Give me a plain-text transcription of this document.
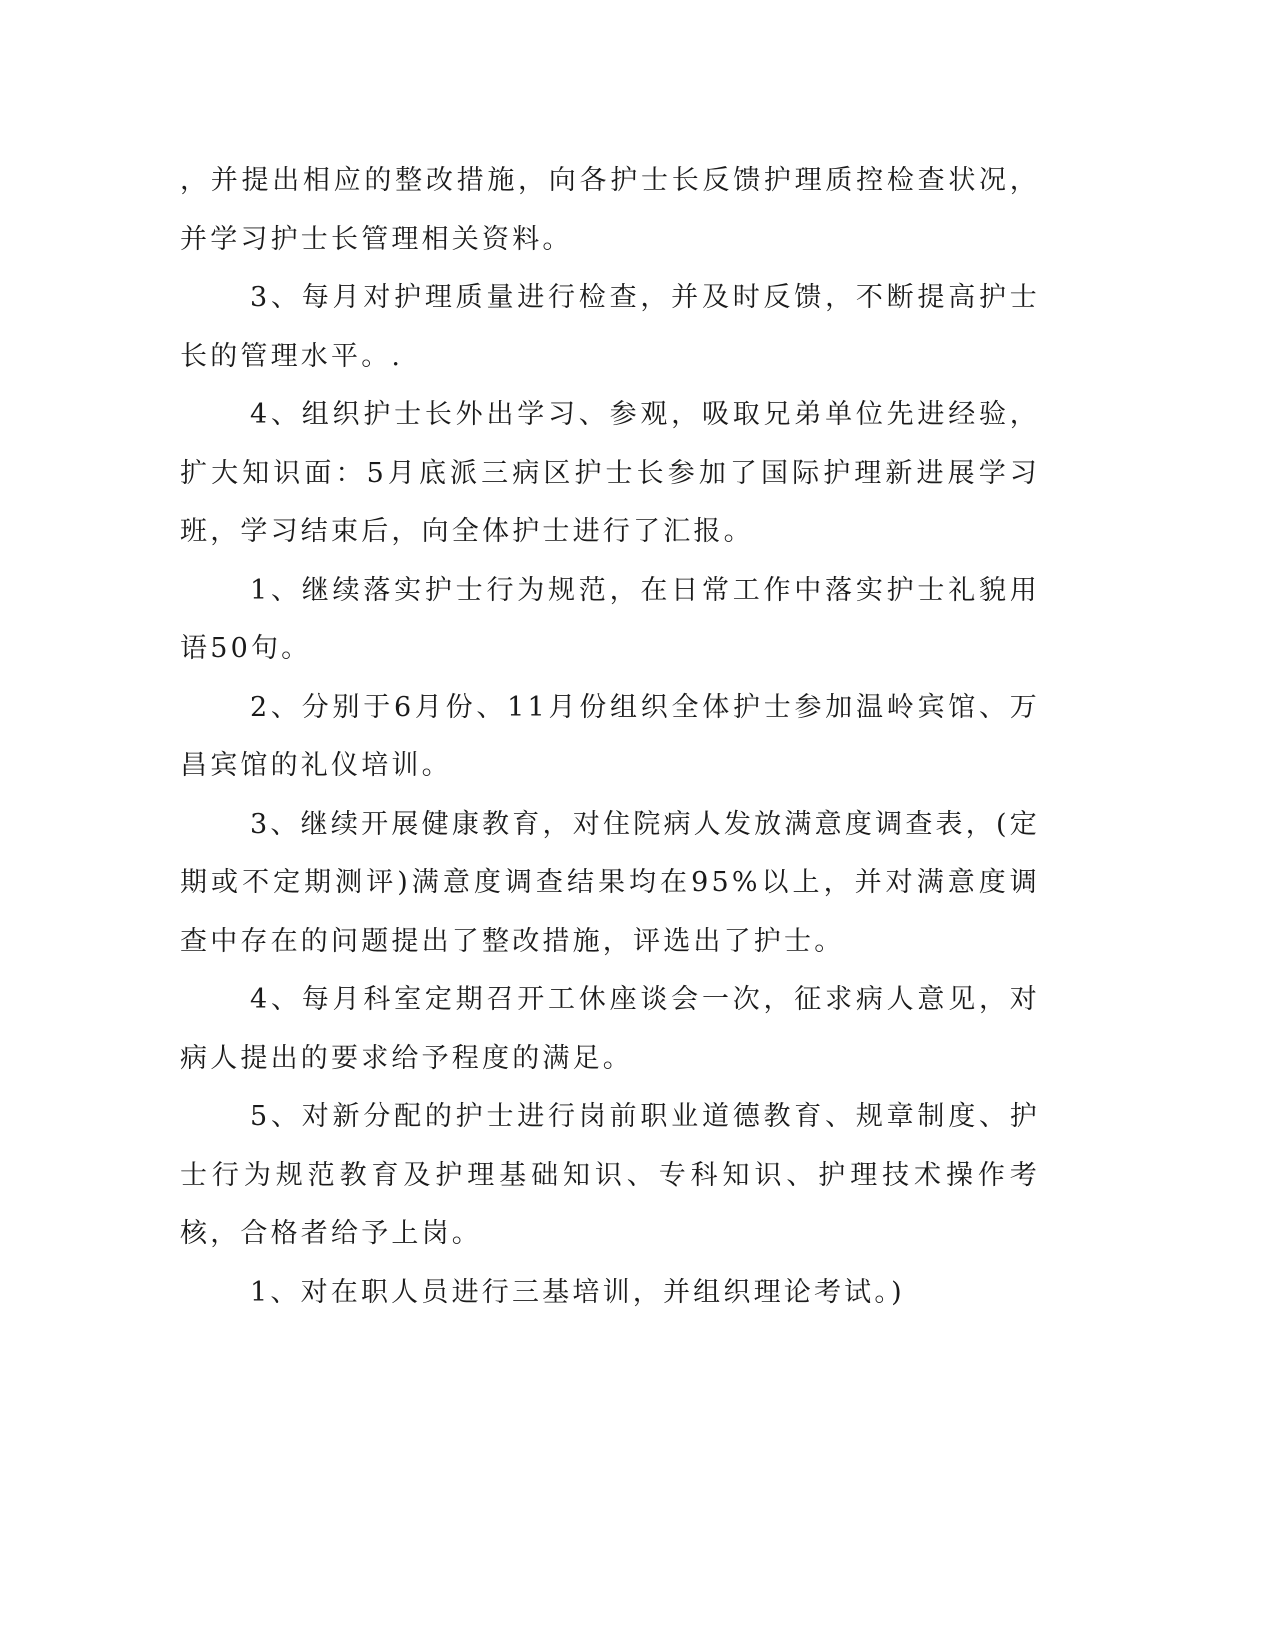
，并提出相应的整改措施，向各护士长反馈护理质控检查状况，并学习护士长管理相关资料。

3、每月对护理质量进行检查，并及时反馈，不断提高护士长的管理水平。.

4、组织护士长外出学习、参观，吸取兄弟单位先进经验，扩大知识面：5月底派三病区护士长参加了国际护理新进展学习班，学习结束后，向全体护士进行了汇报。

1、继续落实护士行为规范，在日常工作中落实护士礼貌用语50句。

2、分别于6月份、11月份组织全体护士参加温岭宾馆、万昌宾馆的礼仪培训。

3、继续开展健康教育，对住院病人发放满意度调查表，(定期或不定期测评)满意度调查结果均在95%以上，并对满意度调查中存在的问题提出了整改措施，评选出了护士。

4、每月科室定期召开工休座谈会一次，征求病人意见，对病人提出的要求给予程度的满足。

5、对新分配的护士进行岗前职业道德教育、规章制度、护士行为规范教育及护理基础知识、专科知识、护理技术操作考核，合格者给予上岗。

1、对在职人员进行三基培训，并组织理论考试。)
